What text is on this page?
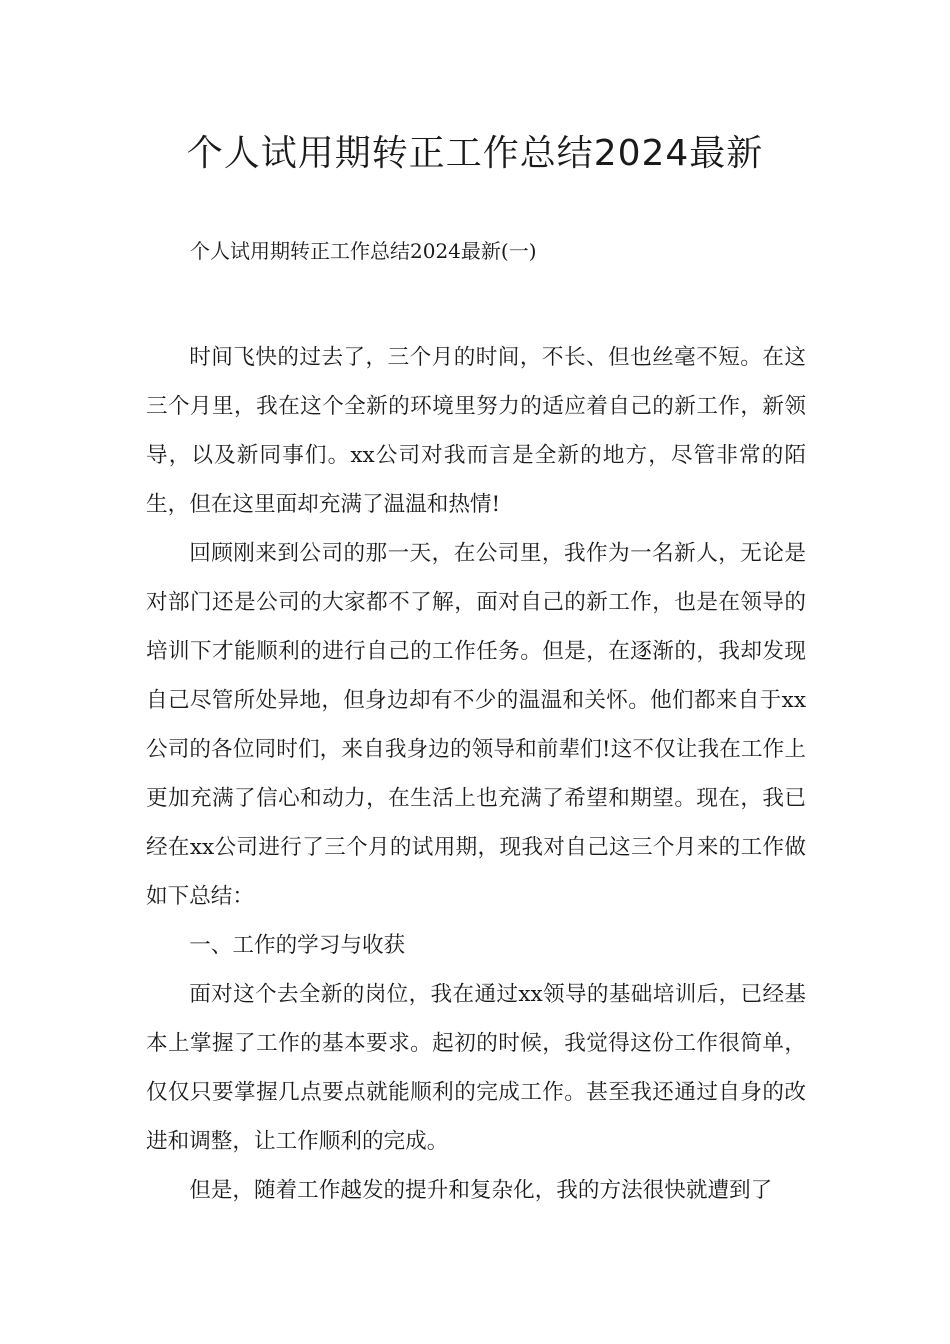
个人试用期转正工作总结2024最新

个人试用期转正工作总结2024最新(一)

时间飞快的过去了，三个月的时间，不长、但也丝毫不短。在这三个月里，我在这个全新的环境里努力的适应着自己的新工作，新领导，以及新同事们。xx公司对我而言是全新的地方，尽管非常的陌生，但在这里面却充满了温温和热情!

回顾刚来到公司的那一天，在公司里，我作为一名新人，无论是对部门还是公司的大家都不了解，面对自己的新工作，也是在领导的培训下才能顺利的进行自己的工作任务。但是，在逐渐的，我却发现自己尽管所处异地，但身边却有不少的温温和关怀。他们都来自于xx公司的各位同时们，来自我身边的领导和前辈们!这不仅让我在工作上更加充满了信心和动力，在生活上也充满了希望和期望。现在，我已经在xx公司进行了三个月的试用期，现我对自己这三个月来的工作做如下总结：

一、工作的学习与收获

面对这个去全新的岗位，我在通过xx领导的基础培训后，已经基本上掌握了工作的基本要求。起初的时候，我觉得这份工作很简单，仅仅只要掌握几点要点就能顺利的完成工作。甚至我还通过自身的改进和调整，让工作顺利的完成。

但是，随着工作越发的提升和复杂化，我的方法很快就遭到了
